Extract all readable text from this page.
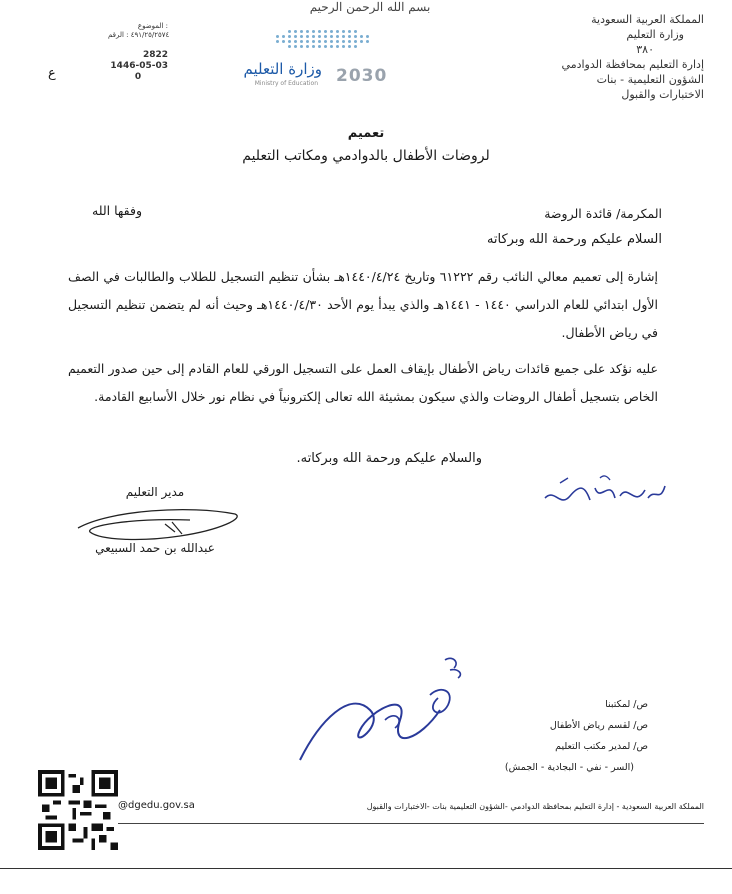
بسم الله الرحمن الرحيم
المملكة العربية السعودية
وزارة التعليم
٣٨٠
إدارة التعليم بمحافظة الدوادمي
الشؤون التعليمية - بنات
الاختبارات والقبول
الموضوع :
٤٩١/٢٥/٢٥٧٤ : الرقم
2822
1446-05-03
0
ع	وزارة التعليم
Ministry of Education 2030
تعميم
لروضات الأطفال بالدوادمي ومكاتب التعليم
وفقها الله	المكرمة/ قائدة الروضة
السلام عليكم ورحمة الله وبركاته
إشارة إلى تعميم معالي النائب رقم ٦١٢٢٢ وتاريخ ١٤٤٠/٤/٢٤هـ بشأن تنظيم التسجيل للطلاب والطالبات في الصف الأول ابتدائي للعام الدراسي ١٤٤٠ - ١٤٤١هـ والذي يبدأ يوم الأحد ١٤٤٠/٤/٣٠هـ وحيث أنه لم يتضمن تنظيم التسجيل في رياض الأطفال.
عليه نؤكد على جميع قائدات رياض الأطفال بإيقاف العمل على التسجيل الورقي للعام القادم إلى حين صدور التعميم الخاص بتسجيل أطفال الروضات والذي سيكون بمشيئة الله تعالى إلكترونياً في نظام نور خلال الأسابيع القادمة.
والسلام عليكم ورحمة الله وبركاته.
مدير التعليم
عبدالله بن حمد السبيعي
ص/ لمكتبنا
ص/ لقسم رياض الأطفال
ص/ لمدير مكتب التعليم
(السر - نفي - البجادية - الجمش)
@dgedu.gov.sa	المملكة العربية السعودية - إدارة التعليم بمحافظة الدوادمي -الشؤون التعليمية بنات -الاختبارات والقبول
